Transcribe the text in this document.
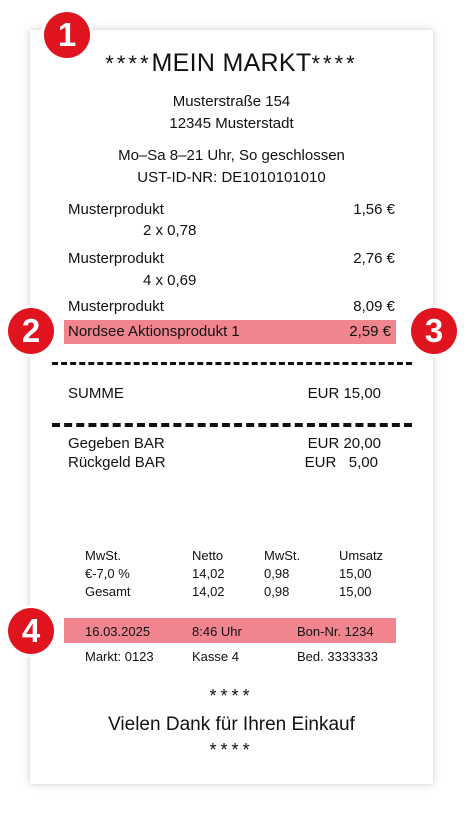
****MEIN MARKT****
Musterstraße 154
12345 Musterstadt
Mo–Sa 8–21 Uhr, So geschlossen
UST-ID-NR: DE1010101010
Musterprodukt	1,56 €
2 x 0,78
Musterprodukt	2,76 €
4 x 0,69
Musterprodukt	8,09 €
Nordsee Aktionsprodukt 1	2,59 €
SUMME	EUR 15,00
Gegeben BAR	EUR 20,00
Rückgeld BAR	EUR   5,00
MwSt.	Netto	MwSt.	Umsatz
€-7,0 %	14,02	0,98	15,00
Gesamt	14,02	0,98	15,00
16.03.2025	8:46 Uhr	Bon-Nr. 1234
Markt: 0123	Kasse 4	Bed. 3333333
****
Vielen Dank für Ihren Einkauf
****
1
2	3
4
